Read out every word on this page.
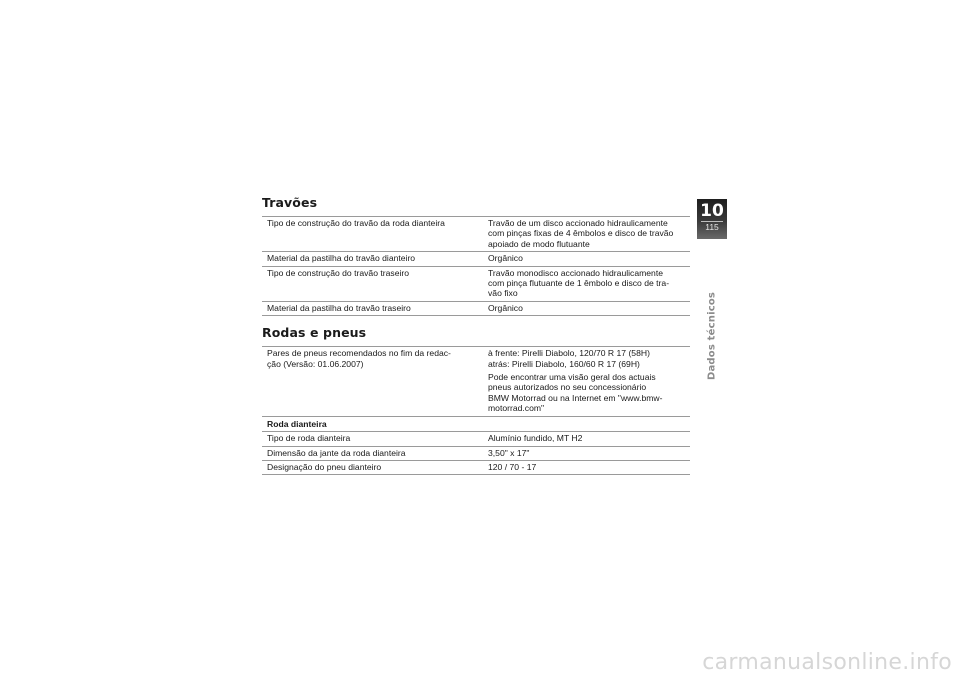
Travões
Tipo de construção do travão da roda dianteira	Travão de um disco accionado hidraulicamente
com pinças fixas de 4 êmbolos e disco de travão
apoiado de modo flutuante
Material da pastilha do travão dianteiro	Orgânico
Tipo de construção do travão traseiro	Travão monodisco accionado hidraulicamente
com pinça flutuante de 1 êmbolo e disco de tra-
vão fixo
Material da pastilha do travão traseiro	Orgânico
Rodas e pneus
Pares de pneus recomendados no fim da redac-
ção (Versão: 01.06.2007)	à frente: Pirelli Diabolo, 120/70 R 17 (58H)
atrás: Pirelli Diabolo, 160/60 R 17 (69H)
	Pode encontrar uma visão geral dos actuais
pneus autorizados no seu concessionário
BMW Motorrad ou na Internet em "www.bmw-
motorrad.com"
Roda dianteira	
Tipo de roda dianteira	Alumínio fundido, MT H2
Dimensão da jante da roda dianteira	3,50" x 17"
Designação do pneu dianteiro	120 / 70 - 17
10
115
Dados técnicos
carmanualsonline.info
